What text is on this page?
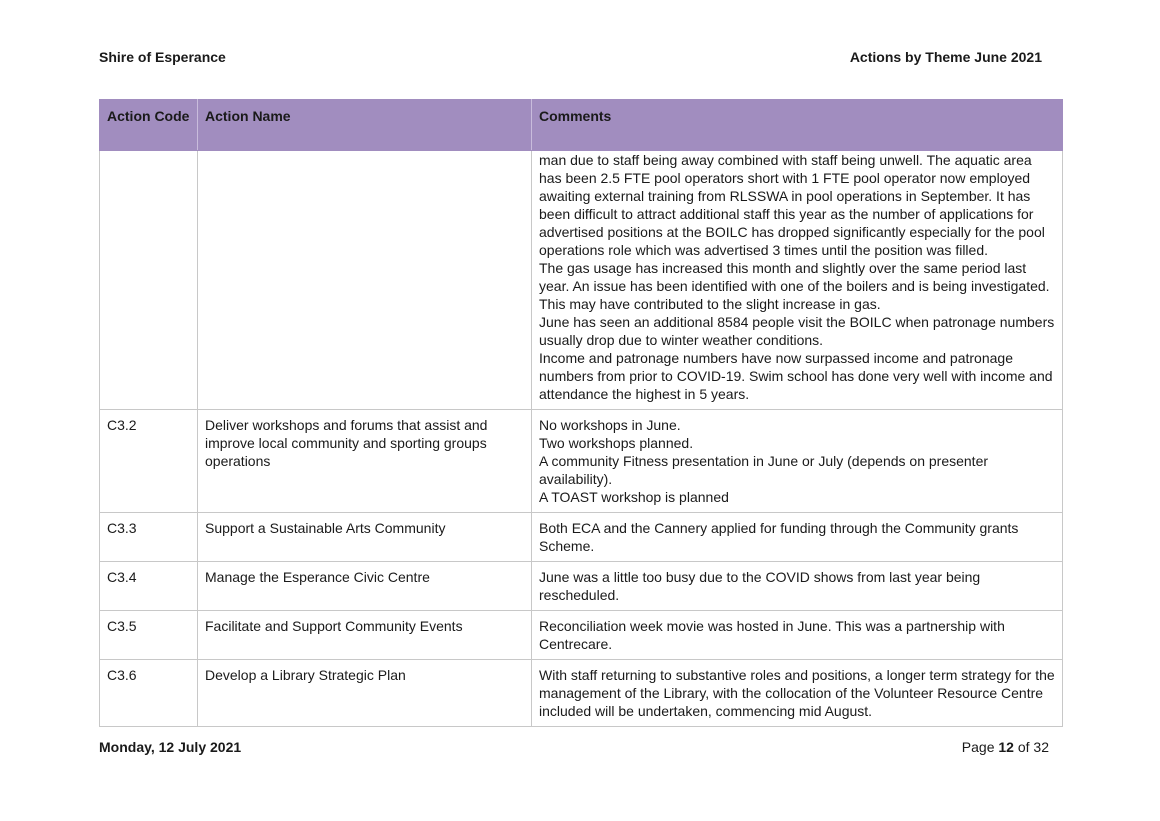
Shire of Esperance	Actions by Theme June 2021
Action Code	Action Name	Comments

		man due to staff being away combined with staff being unwell. The aquatic area has been 2.5 FTE pool operators short with 1 FTE pool operator now employed awaiting external training from RLSSWA in pool operations in September. It has been difficult to attract additional staff this year as the number of applications for advertised positions at the BOILC has dropped significantly especially for the pool operations role which was advertised 3 times until the position was filled.
The gas usage has increased this month and slightly over the same period last year. An issue has been identified with one of the boilers and is being investigated. This may have contributed to the slight increase in gas.
June has seen an additional 8584 people visit the BOILC when patronage numbers usually drop due to winter weather conditions.
Income and patronage numbers have now surpassed income and patronage numbers from prior to COVID-19. Swim school has done very well with income and attendance the highest in 5 years.

C3.2	Deliver workshops and forums that assist and improve local community and sporting groups operations	No workshops in June.
Two workshops planned.
A community Fitness presentation in June or July (depends on presenter availability).
A TOAST workshop is planned

C3.3	Support a Sustainable Arts Community	Both ECA and the Cannery applied for funding through the Community grants Scheme.

C3.4	Manage the Esperance Civic Centre	June was a little too busy due to the COVID shows from last year being rescheduled.

C3.5	Facilitate and Support Community Events	Reconciliation week movie was hosted in June. This was a partnership with Centrecare.

C3.6	Develop a Library Strategic Plan	With staff returning to substantive roles and positions, a longer term strategy for the management of the Library, with the collocation of the Volunteer Resource Centre included will be undertaken, commencing mid August.
Monday, 12 July 2021	Page 12 of 32
